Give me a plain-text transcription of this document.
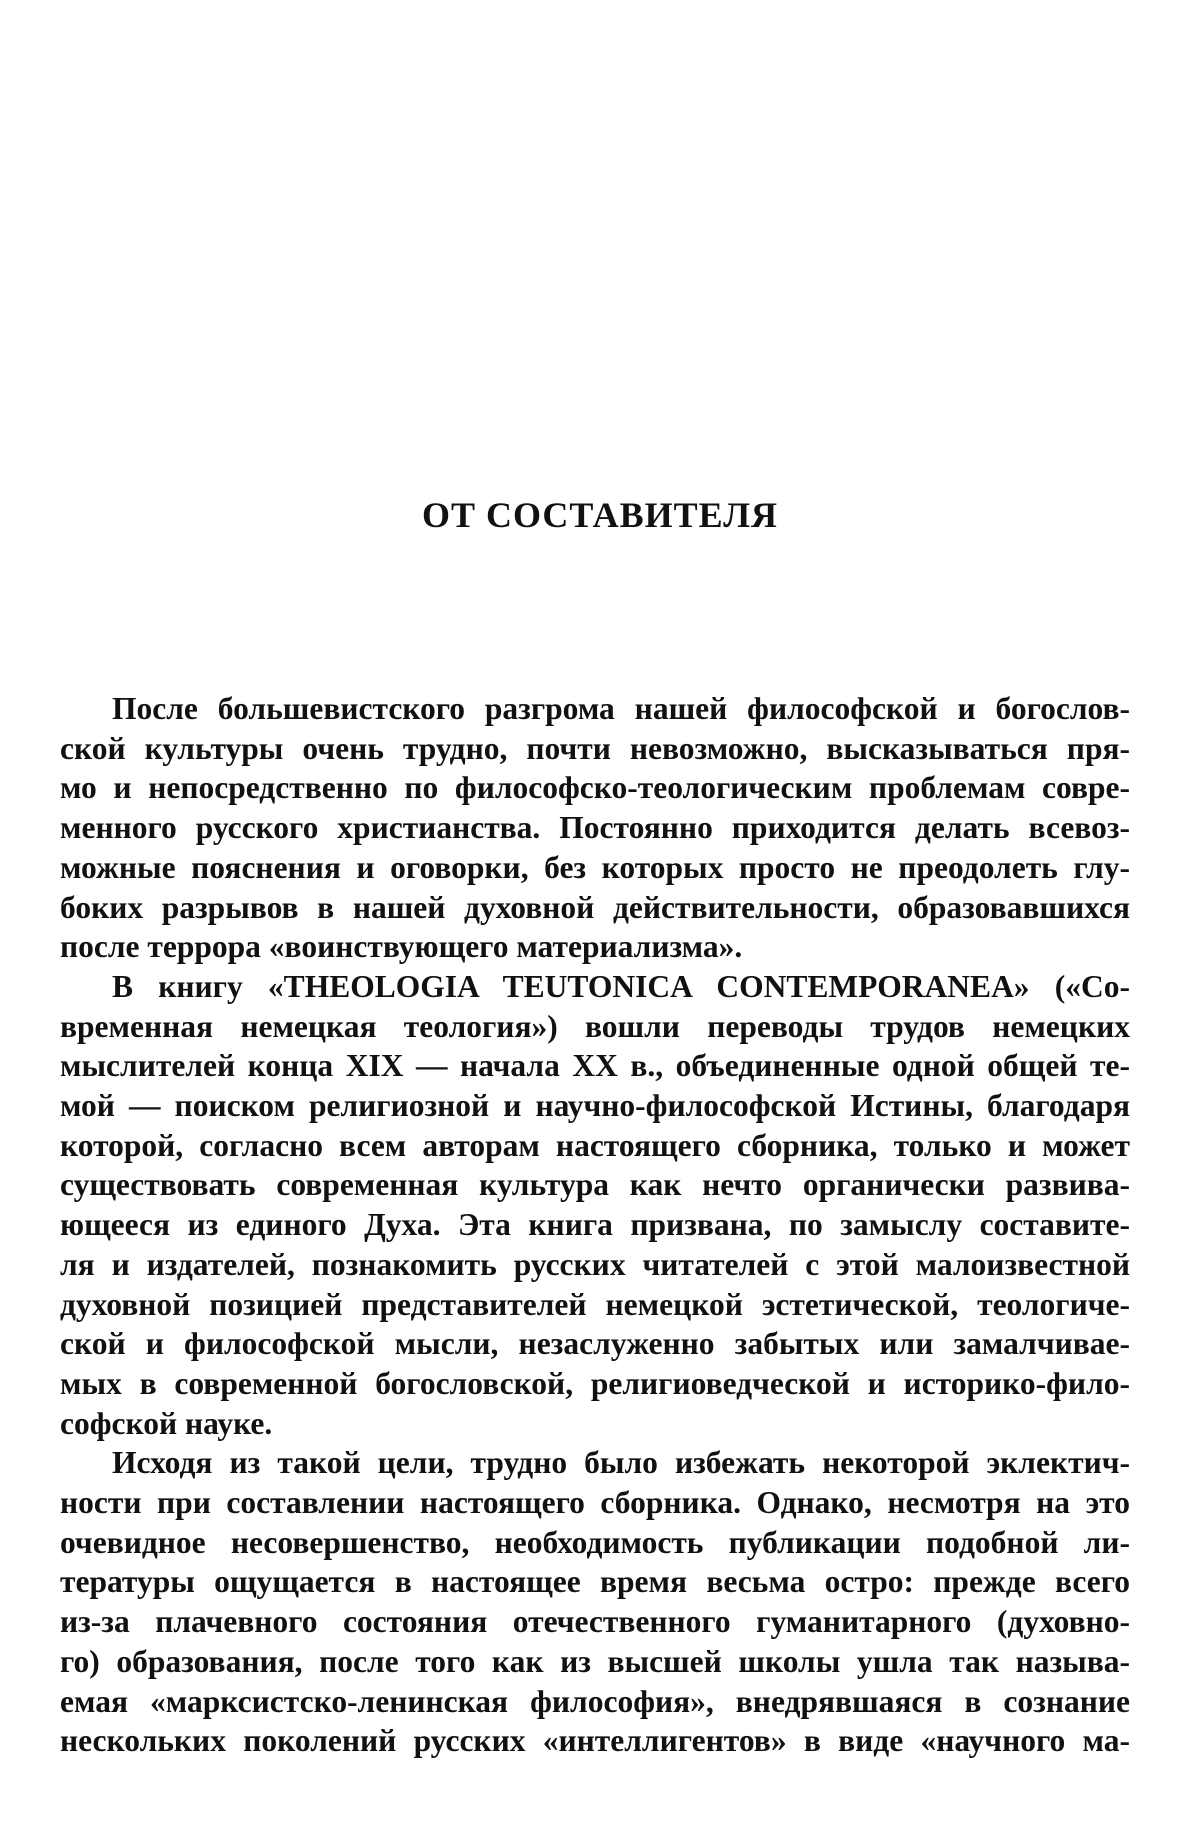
ОТ СОСТАВИТЕЛЯ
После большевистского разгрома нашей философской и богослов-
ской культуры очень трудно, почти невозможно, высказываться пря-
мо и непосредственно по философско-теологическим проблемам совре-
менного русского христианства. Постоянно приходится делать всевоз-
можные пояснения и оговорки, без которых просто не преодолеть глу-
боких разрывов в нашей духовной действительности, образовавшихся
после террора «воинствующего материализма».
В книгу «THEOLOGIA TEUTONICA CONTEMPORANEA» («Со-
временная немецкая теология») вошли переводы трудов немецких
мыслителей конца XIX — начала XX в., объединенные одной общей те-
мой — поиском религиозной и научно-философской Истины, благодаря
которой, согласно всем авторам настоящего сборника, только и может
существовать современная культура как нечто органически развива-
ющееся из единого Духа. Эта книга призвана, по замыслу составите-
ля и издателей, познакомить русских читателей с этой малоизвестной
духовной позицией представителей немецкой эстетической, теологиче-
ской и философской мысли, незаслуженно забытых или замалчивае-
мых в современной богословской, религиоведческой и историко-фило-
софской науке.
Исходя из такой цели, трудно было избежать некоторой эклектич-
ности при составлении настоящего сборника. Однако, несмотря на это
очевидное несовершенство, необходимость публикации подобной ли-
тературы ощущается в настоящее время весьма остро: прежде всего
из-за плачевного состояния отечественного гуманитарного (духовно-
го) образования, после того как из высшей школы ушла так называ-
емая «марксистско-ленинская философия», внедрявшаяся в сознание
нескольких поколений русских «интеллигентов» в виде «научного ма-
